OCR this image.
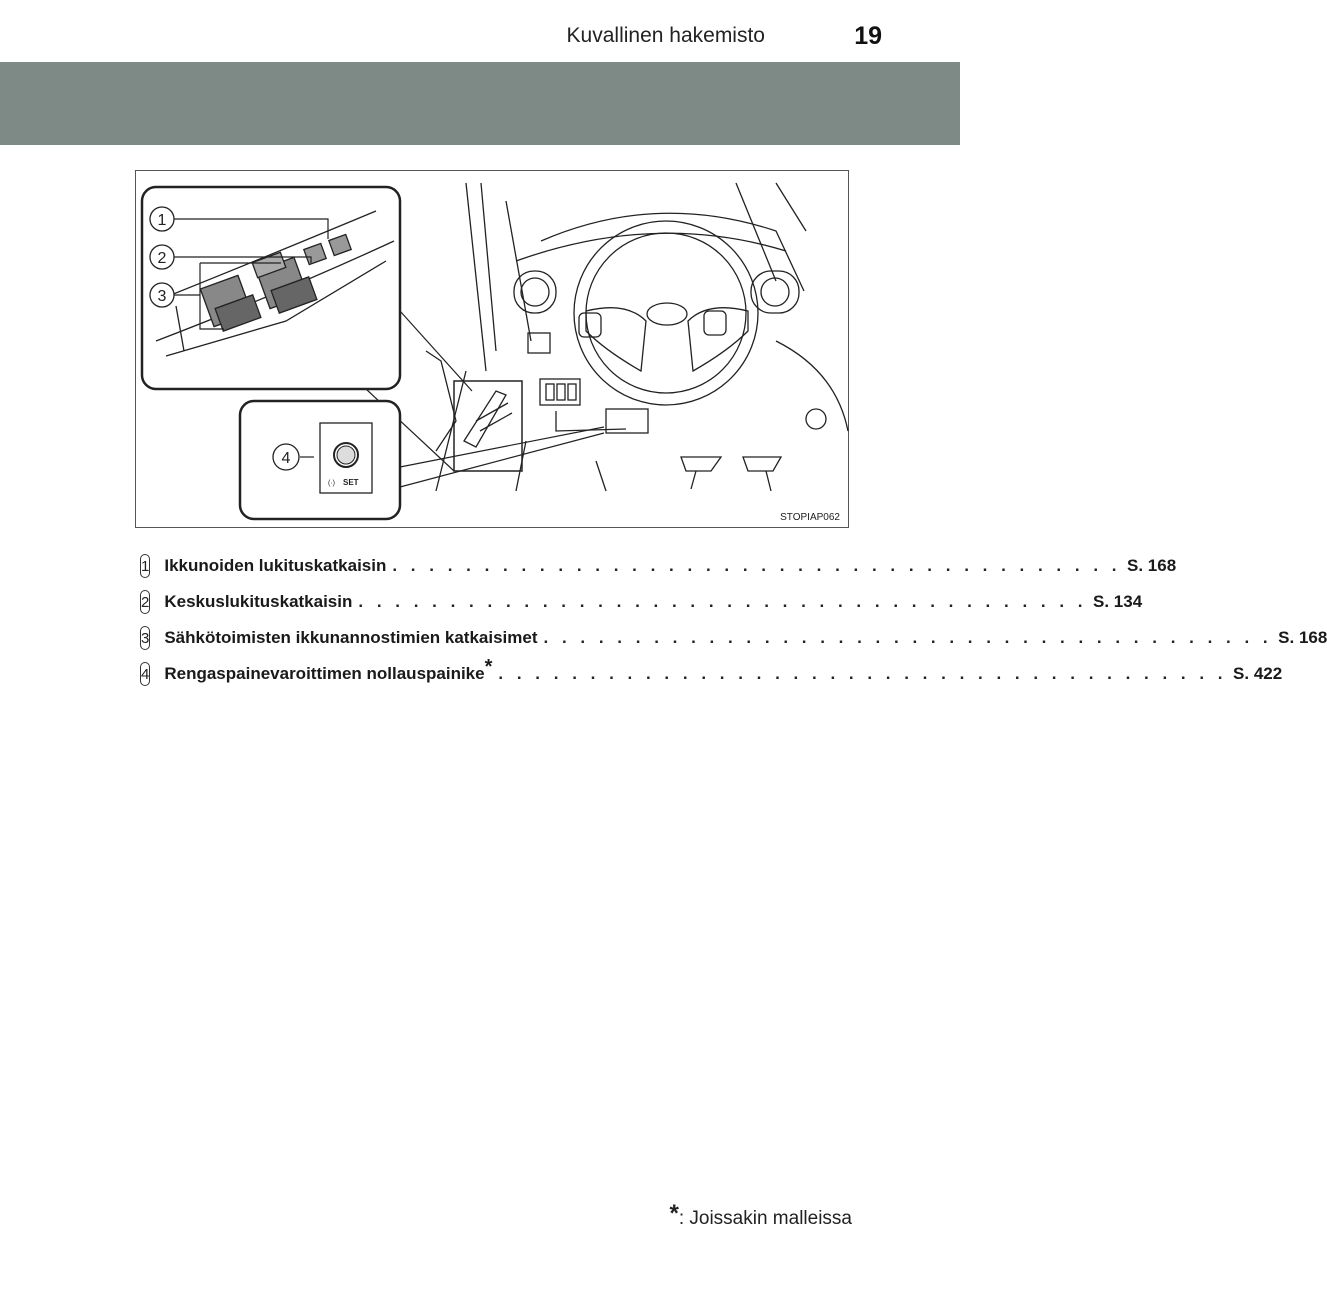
Kuvallinen hakemisto	19
(·) SET
1
2
3
4
STOPIAP062
1 Ikkunoiden lukituskatkaisin . . . . . . . . . . . . . . . . . . . . . . . . . . . . . . . . . . . . . . . . S. 168
2 Keskuslukituskatkaisin . . . . . . . . . . . . . . . . . . . . . . . . . . . . . . . . . . . . . . . . S. 134
3 Sähkötoimisten ikkunannostimien katkaisimet . . . . . . . . . . . . . . . . . . . . . . . . . . . . . . . . . . . . . . . . S. 168
4 Rengaspainevaroittimen nollauspainike* . . . . . . . . . . . . . . . . . . . . . . . . . . . . . . . . . . . . . . . . S. 422
*: Joissakin malleissa
